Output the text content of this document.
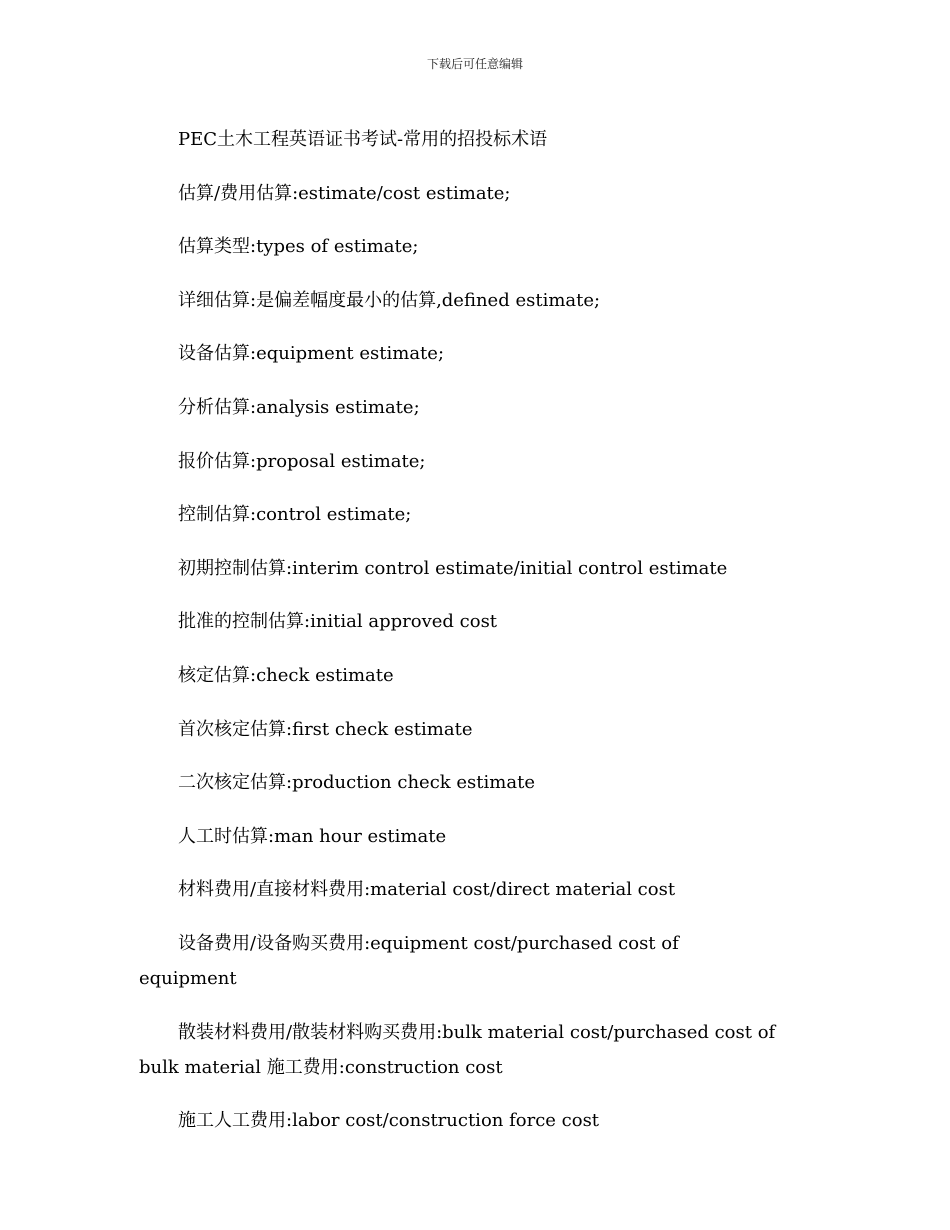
下载后可任意编辑

PEC土木工程英语证书考试-常用的招投标术语

估算/费用估算:estimate/cost estimate;

估算类型:types of estimate;

详细估算:是偏差幅度最小的估算,defined estimate;

设备估算:equipment estimate;

分析估算:analysis estimate;

报价估算:proposal estimate;

控制估算:control estimate;

初期控制估算:interim control estimate/initial control estimate

批准的控制估算:initial approved cost

核定估算:check estimate

首次核定估算:first check estimate

二次核定估算:production check estimate

人工时估算:man hour estimate

材料费用/直接材料费用:material cost/direct material cost

设备费用/设备购买费用:equipment cost/purchased cost of equipment

散装材料费用/散装材料购买费用:bulk material cost/purchased cost of bulk material 施工费用:construction cost

施工人工费用:labor cost/construction force cost
